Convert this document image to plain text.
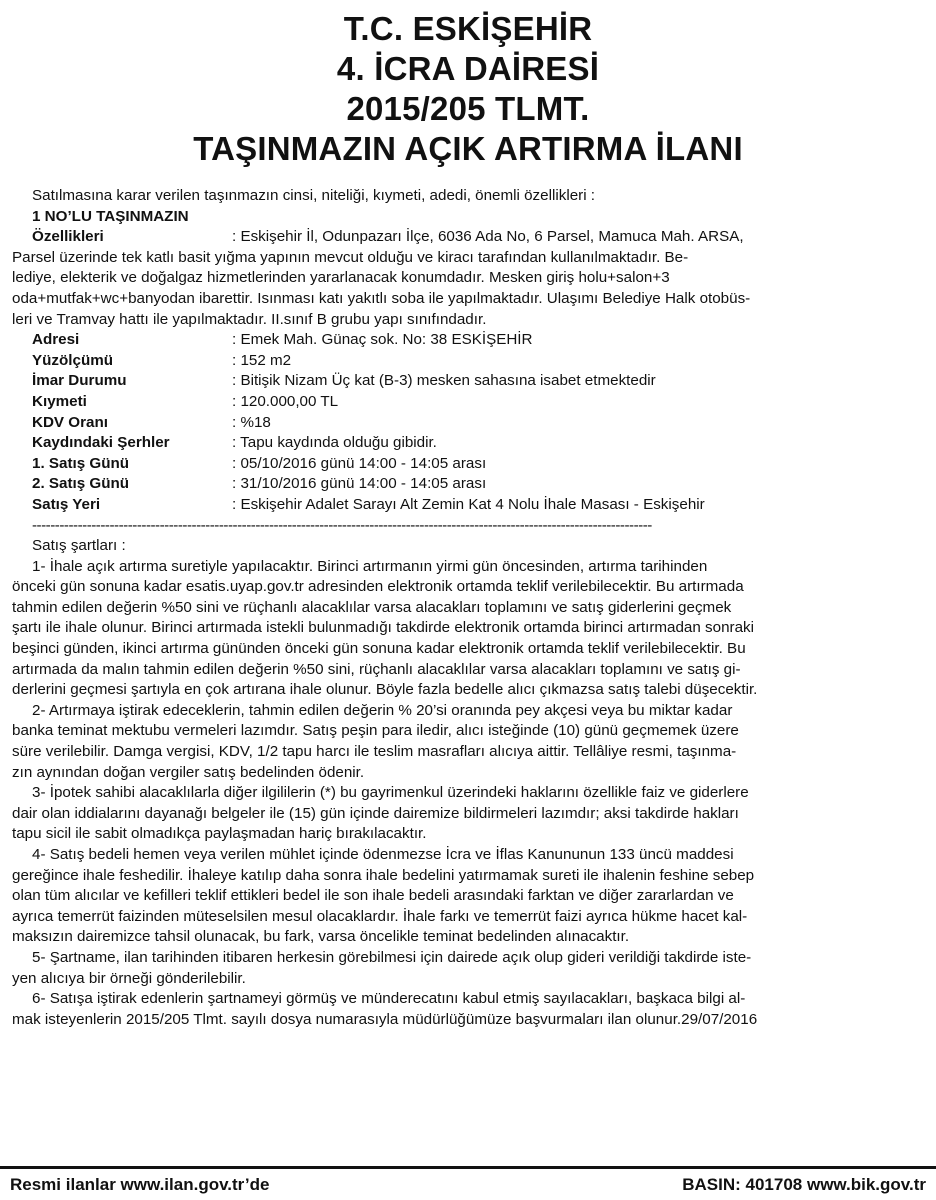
T.C. ESKİŞEHİR
4. İCRA DAİRESİ
2015/205 TLMT.
TAŞINMAZIN AÇIK ARTIRMA İLANI

Satılmasına karar verilen taşınmazın cinsi, niteliği, kıymeti, adedi, önemli özellikleri :

1 NO’LU TAŞINMAZIN

Özellikleri	: Eskişehir İl, Odunpazarı İlçe, 6036 Ada No, 6 Parsel, Mamuca Mah. ARSA,

Parsel üzerinde tek katlı basit yığma yapının mevcut olduğu ve kiracı tarafından kullanılmaktadır. Be-

lediye, elekterik ve doğalgaz hizmetlerinden yararlanacak konumdadır. Mesken giriş holu+salon+3

oda+mutfak+wc+banyodan ibarettir. Isınması katı yakıtlı soba ile yapılmaktadır. Ulaşımı Belediye Halk otobüs-

leri ve Tramvay hattı ile yapılmaktadır. II.sınıf B grubu yapı sınıfındadır.

Adresi	: Emek Mah. Günaç sok. No: 38 ESKİŞEHİR
Yüzölçümü	: 152 m2
İmar Durumu	: Bitişik Nizam Üç kat (B-3) mesken sahasına isabet etmektedir
Kıymeti	: 120.000,00 TL
KDV Oranı	: %18
Kaydındaki Şerhler	: Tapu kaydında olduğu gibidir.
1. Satış Günü	: 05/10/2016 günü 14:00 - 14:05 arası
2. Satış Günü	: 31/10/2016 günü 14:00 - 14:05 arası
Satış Yeri	: Eskişehir Adalet Sarayı Alt Zemin Kat 4 Nolu İhale Masası - Eskişehir
----------------------------------------------------------------------------------------------------------------------------------------

Satış şartları :

1- İhale açık artırma suretiyle yapılacaktır. Birinci artırmanın yirmi gün öncesinden, artırma tarihinden

önceki gün sonuna kadar esatis.uyap.gov.tr adresinden elektronik ortamda teklif verilebilecektir. Bu artırmada

tahmin edilen değerin %50 sini ve rüçhanlı alacaklılar varsa alacakları toplamını ve satış giderlerini geçmek

şartı ile ihale olunur. Birinci artırmada istekli bulunmadığı takdirde elektronik ortamda birinci artırmadan sonraki

beşinci günden, ikinci artırma gününden önceki gün sonuna kadar elektronik ortamda teklif verilebilecektir. Bu

artırmada da malın tahmin edilen değerin %50 sini, rüçhanlı alacaklılar varsa alacakları toplamını ve satış gi-

derlerini geçmesi şartıyla en çok artırana ihale olunur. Böyle fazla bedelle alıcı çıkmazsa satış talebi düşecektir.

2- Artırmaya iştirak edeceklerin, tahmin edilen değerin % 20’si oranında pey akçesi veya bu miktar kadar

banka teminat mektubu vermeleri lazımdır. Satış peşin para iledir, alıcı isteğinde (10) günü geçmemek üzere

süre verilebilir. Damga vergisi, KDV, 1/2 tapu harcı ile teslim masrafları alıcıya aittir. Tellâliye resmi, taşınma-

zın aynından doğan vergiler satış bedelinden ödenir.

3- İpotek sahibi alacaklılarla diğer ilgililerin (*) bu gayrimenkul üzerindeki haklarını özellikle faiz ve giderlere

dair olan iddialarını dayanağı belgeler ile (15) gün içinde dairemize bildirmeleri lazımdır; aksi takdirde hakları

tapu sicil ile sabit olmadıkça paylaşmadan hariç bırakılacaktır.

4- Satış bedeli hemen veya verilen mühlet içinde ödenmezse İcra ve İflas Kanununun 133 üncü maddesi

gereğince ihale feshedilir. İhaleye katılıp daha sonra ihale bedelini yatırmamak sureti ile ihalenin feshine sebep

olan tüm alıcılar ve kefilleri teklif ettikleri bedel ile son ihale bedeli arasındaki farktan ve diğer zararlardan ve

ayrıca temerrüt faizinden müteselsilen mesul olacaklardır. İhale farkı ve temerrüt faizi ayrıca hükme hacet kal-

maksızın dairemizce tahsil olunacak, bu fark, varsa öncelikle teminat bedelinden alınacaktır.

5- Şartname, ilan tarihinden itibaren herkesin görebilmesi için dairede açık olup gideri verildiği takdirde iste-

yen alıcıya bir örneği gönderilebilir.

6- Satışa iştirak edenlerin şartnameyi görmüş ve münderecatını kabul etmiş sayılacakları, başkaca bilgi al-

mak isteyenlerin 2015/205 Tlmt. sayılı dosya numarasıyla müdürlüğümüze başvurmaları ilan olunur.29/07/2016

Resmi ilanlar www.ilan.gov.tr’de	BASIN: 401708 www.bik.gov.tr
